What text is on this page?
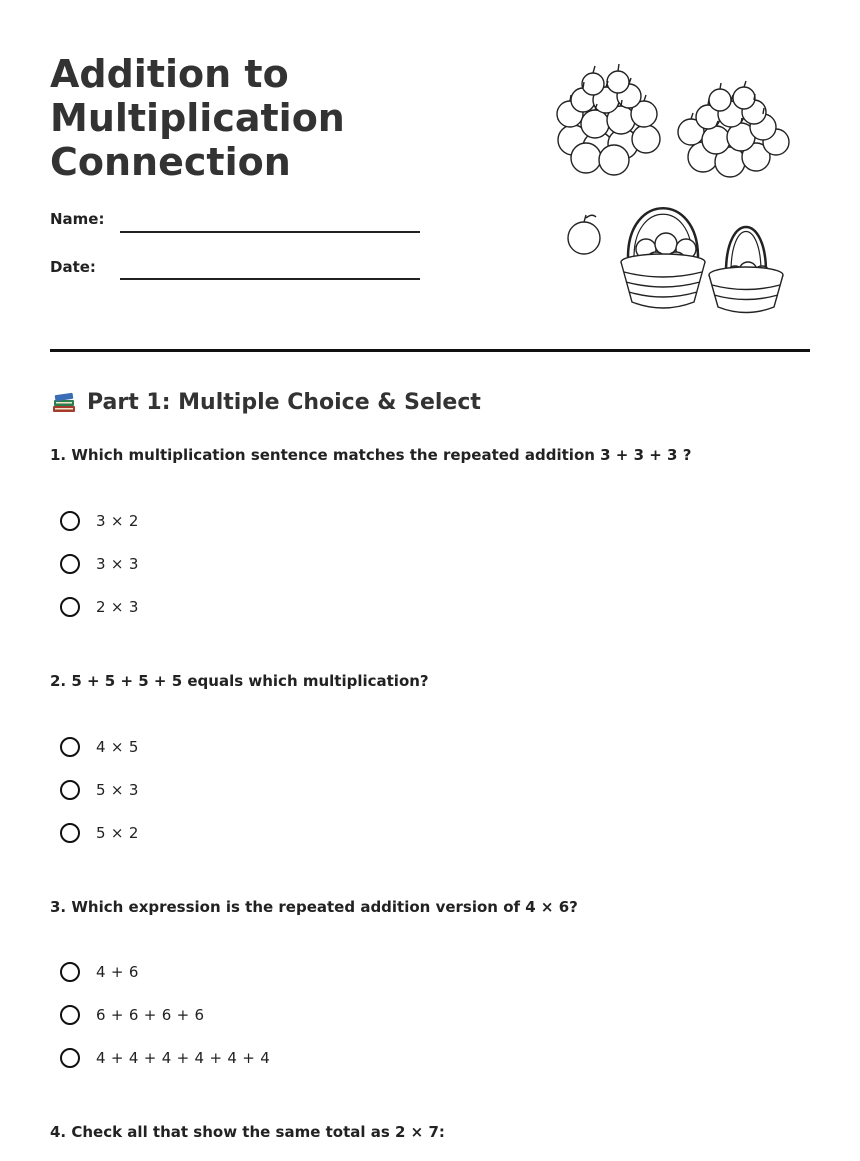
Addition to Multiplication Connection
Name:
Date:
Part 1: Multiple Choice & Select
1. Which multiplication sentence matches the repeated addition 3 + 3 + 3 ?
3 × 2
3 × 3
2 × 3
2. 5 + 5 + 5 + 5 equals which multiplication?
4 × 5
5 × 3
5 × 2
3. Which expression is the repeated addition version of 4 × 6?
4 + 6
6 + 6 + 6 + 6
4 + 4 + 4 + 4 + 4 + 4
4. Check all that show the same total as 2 × 7:
